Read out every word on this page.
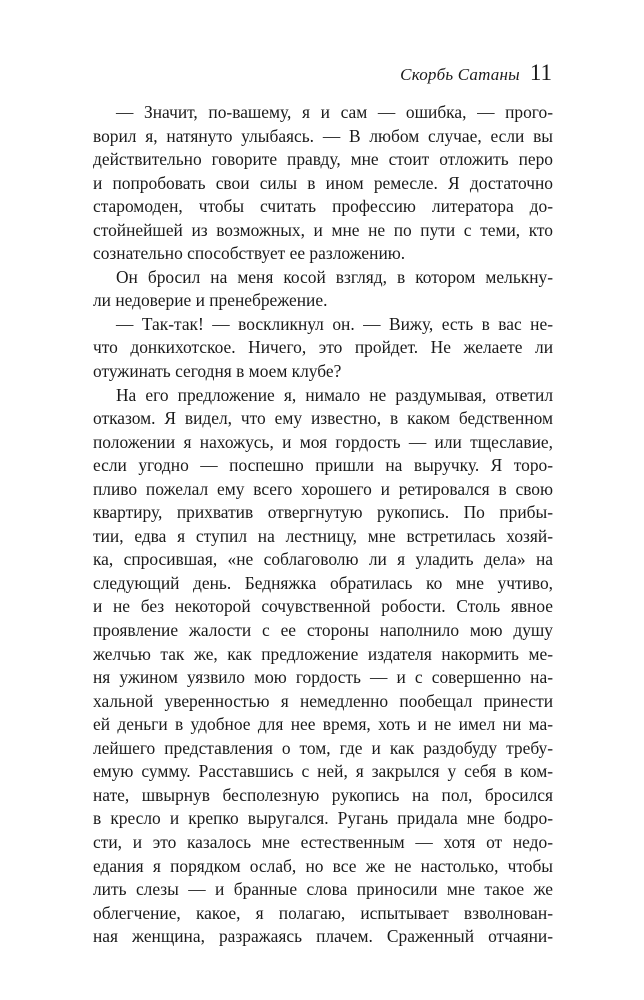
Скорбь Сатаны 11
— Значит, по-вашему, я и сам — ошибка, — прого-
ворил я, натянуто улыбаясь. — В любом случае, если вы
действительно говорите правду, мне стоит отложить перо
и попробовать свои силы в ином ремесле. Я достаточно
старомоден, чтобы считать профессию литератора до-
стойнейшей из возможных, и мне не по пути с теми, кто
сознательно способствует ее разложению.
Он бросил на меня косой взгляд, в котором мелькну-
ли недоверие и пренебрежение.
— Так-так! — воскликнул он. — Вижу, есть в вас не-
что донкихотское. Ничего, это пройдет. Не желаете ли
отужинать сегодня в моем клубе?
На его предложение я, нимало не раздумывая, ответил
отказом. Я видел, что ему известно, в каком бедственном
положении я нахожусь, и моя гордость — или тщеславие,
если угодно — поспешно пришли на выручку. Я торо-
пливо пожелал ему всего хорошего и ретировался в свою
квартиру, прихватив отвергнутую рукопись. По прибы-
тии, едва я ступил на лестницу, мне встретилась хозяй-
ка, спросившая, «не соблаговолю ли я уладить дела» на
следующий день. Бедняжка обратилась ко мне учтиво,
и не без некоторой сочувственной робости. Столь явное
проявление жалости с ее стороны наполнило мою душу
желчью так же, как предложение издателя накормить ме-
ня ужином уязвило мою гордость — и с совершенно на-
хальной уверенностью я немедленно пообещал принести
ей деньги в удобное для нее время, хоть и не имел ни ма-
лейшего представления о том, где и как раздобуду требу-
емую сумму. Расставшись с ней, я закрылся у себя в ком-
нате, швырнув бесполезную рукопись на пол, бросился
в кресло и крепко выругался. Ругань придала мне бодро-
сти, и это казалось мне естественным — хотя от недо-
едания я порядком ослаб, но все же не настолько, чтобы
лить слезы — и бранные слова приносили мне такое же
облегчение, какое, я полагаю, испытывает взволнован-
ная женщина, разражаясь плачем. Сраженный отчаяни-
